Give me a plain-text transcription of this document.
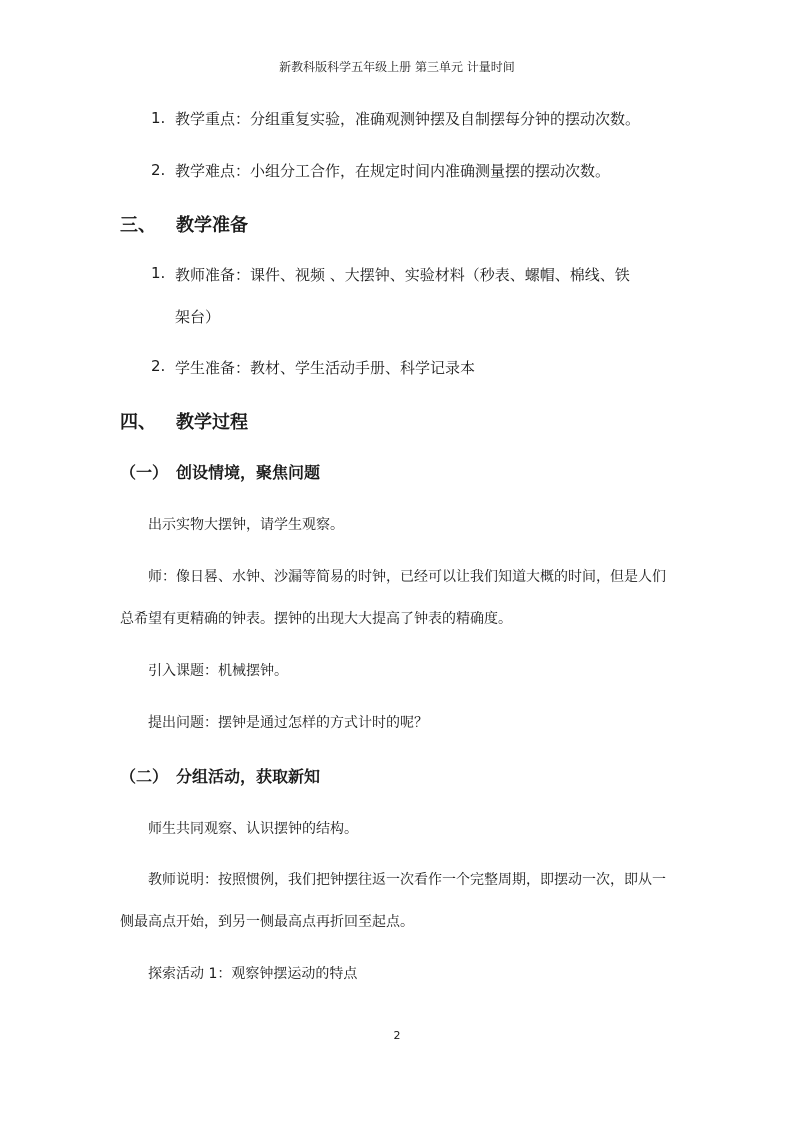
新教科版科学五年级上册 第三单元 计量时间
1. 教学重点：分组重复实验，准确观测钟摆及自制摆每分钟的摆动次数。
2. 教学难点：小组分工合作，在规定时间内准确测量摆的摆动次数。
三、 教学准备
1. 教师准备：课件、视频 、大摆钟、实验材料（秒表、螺帽、棉线、铁
架台）
2. 学生准备：教材、学生活动手册、科学记录本
四、 教学过程
（一） 创设情境，聚焦问题
出示实物大摆钟，请学生观察。
师：像日晷、水钟、沙漏等简易的时钟，已经可以让我们知道大概的时间，但是人们
总希望有更精确的钟表。摆钟的出现大大提高了钟表的精确度。
引入课题：机械摆钟。
提出问题：摆钟是通过怎样的方式计时的呢？
（二） 分组活动，获取新知
师生共同观察、认识摆钟的结构。
教师说明：按照惯例，我们把钟摆往返一次看作一个完整周期，即摆动一次，即从一
侧最高点开始，到另一侧最高点再折回至起点。
探索活动 1：观察钟摆运动的特点
2
